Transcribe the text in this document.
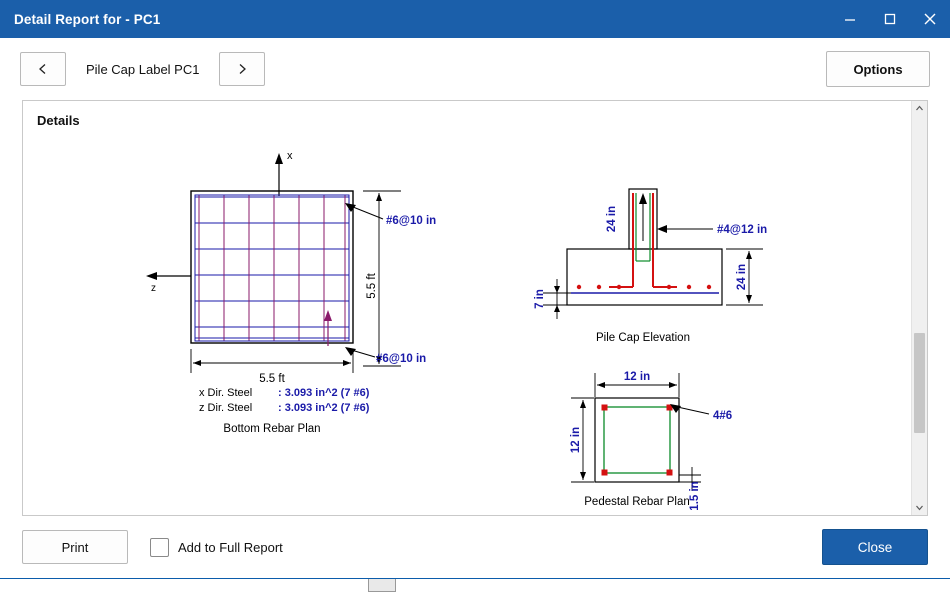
Detail Report for - PC1
Pile Cap Label PC1	Options
Details
x
z
#6@10 in
5.5 ft
#6@10 in
5.5 ft
x Dir. Steel : 3.093 in^2 (7 #6)
z Dir. Steel : 3.093 in^2 (7 #6)
Bottom Rebar Plan
24 in	#4@12 in
24 in
7 in
Pile Cap Elevation
12 in
12 in
1.5 in
4#6
Pedestal Rebar Plan
Print	Add to Full Report	Close
